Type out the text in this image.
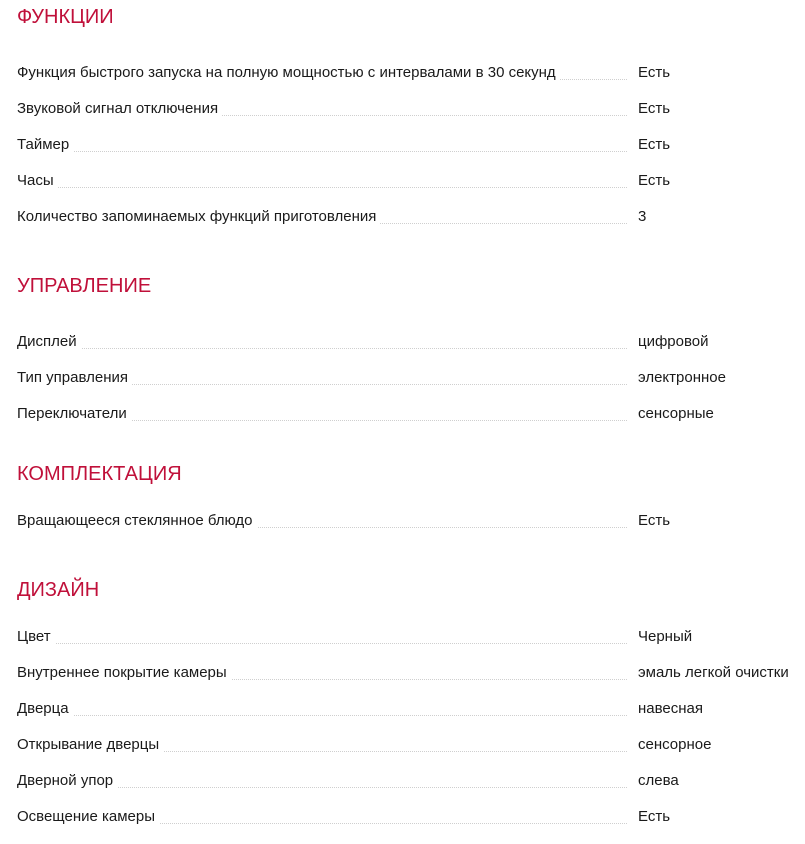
ФУНКЦИИ
Функция быстрого запуска на полную мощностью с интервалами в 30 секунд	Есть
Звуковой сигнал отключения	Есть
Таймер	Есть
Часы	Есть
Количество запоминаемых функций приготовления	3
УПРАВЛЕНИЕ
Дисплей	цифровой
Тип управления	электронное
Переключатели	сенсорные
КОМПЛЕКТАЦИЯ
Вращающееся стеклянное блюдо	Есть
ДИЗАЙН
Цвет	Черный
Внутреннее покрытие камеры	эмаль легкой очистки
Дверца	навесная
Открывание дверцы	сенсорное
Дверной упор	слева
Освещение камеры	Есть
